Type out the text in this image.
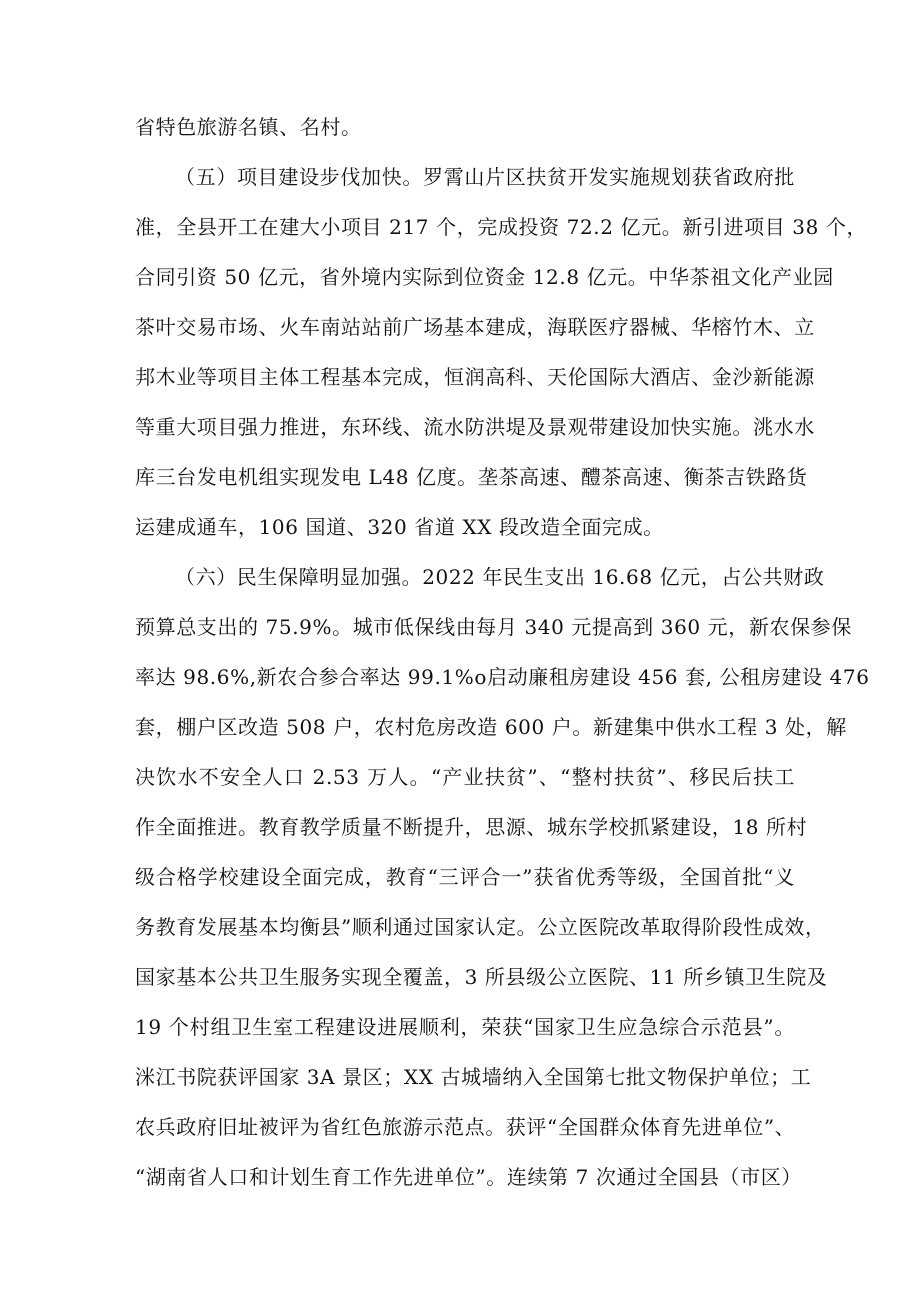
省特色旅游名镇、名村。
（五）项目建设步伐加快。罗霄山片区扶贫开发实施规划获省政府批
准，全县开工在建大小项目 217 个，完成投资 72.2 亿元。新引进项目 38 个，
合同引资 50 亿元，省外境内实际到位资金 12.8 亿元。中华茶祖文化产业园
茶叶交易市场、火车南站站前广场基本建成，海联医疗器械、华榕竹木、立
邦木业等项目主体工程基本完成，恒润高科、天伦国际大酒店、金沙新能源
等重大项目强力推进，东环线、流水防洪堤及景观带建设加快实施。洮水水
库三台发电机组实现发电 L48 亿度。垄茶高速、醴茶高速、衡茶吉铁路货
运建成通车，106 国道、320 省道 XX 段改造全面完成。
（六）民生保障明显加强。2022 年民生支出 16.68 亿元，占公共财政
预算总支出的 75.9%。城市低保线由每月 340 元提高到 360 元，新农保参保
率达 98.6%,新农合参合率达 99.1%o启动廉租房建设 456 套, 公租房建设 476
套，棚户区改造 508 户，农村危房改造 600 户。新建集中供水工程 3 处，解
决饮水不安全人口 2.53 万人。“产业扶贫”、“整村扶贫”、移民后扶工
作全面推进。教育教学质量不断提升，思源、城东学校抓紧建设，18 所村
级合格学校建设全面完成，教育“三评合一”获省优秀等级，全国首批“义
务教育发展基本均衡县”顺利通过国家认定。公立医院改革取得阶段性成效，
国家基本公共卫生服务实现全覆盖，3 所县级公立医院、11 所乡镇卫生院及
19 个村组卫生室工程建设进展顺利，荣获“国家卫生应急综合示范县”。
洣江书院获评国家 3A 景区；XX 古城墙纳入全国第七批文物保护单位；工
农兵政府旧址被评为省红色旅游示范点。获评“全国群众体育先进单位”、
“湖南省人口和计划生育工作先进单位”。连续第 7 次通过全国县（市区）
